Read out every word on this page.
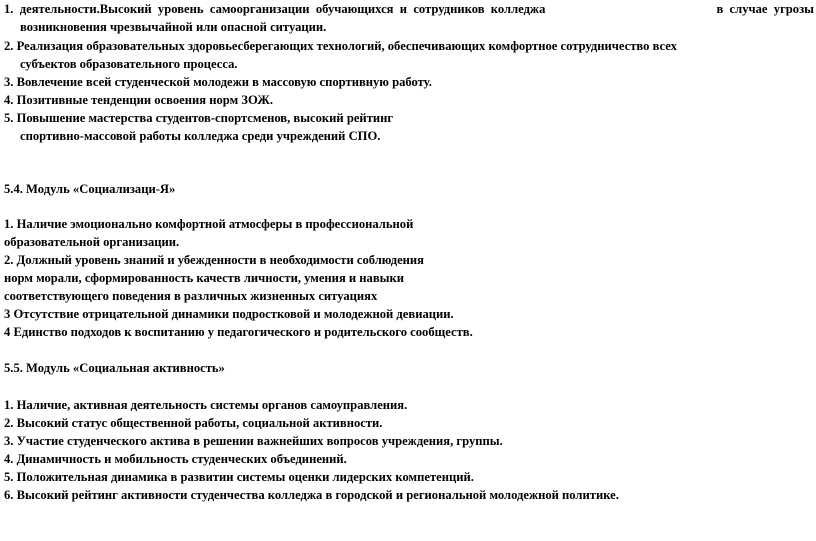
1.  деятельности.Высокий  уровень  самоорганизации  обучающихся  и  сотрудников  колледжа	в  случае  угрозы
возникновения чрезвычайной или опасной ситуации.
2. Реализация образовательных здоровьесберегающих технологий, обеспечивающих комфортное сотрудничество всех
субъектов образовательного процесса.
3. Вовлечение всей студенческой молодежи в массовую спортивную работу.
4. Позитивные тенденции освоения норм ЗОЖ.
5. Повышение мастерства студентов-спортсменов, высокий рейтинг
спортивно-массовой работы колледжа среди учреждений СПО.
5.4. Модуль «Социализаци-Я»
1. Наличие эмоционально комфортной атмосферы в профессиональной
образовательной организации.
2. Должный уровень знаний и убежденности в необходимости соблюдения
норм морали, сформированность качеств личности, умения и навыки
соответствующего поведения в различных жизненных ситуациях
3 Отсутствие отрицательной динамики подростковой и молодежной девиации.
4 Единство подходов к воспитанию у педагогического и родительского сообществ.
5.5. Модуль «Социальная активность»
1. Наличие, активная деятельность системы органов самоуправления.
2. Высокий статус общественной работы, социальной активности.
3. Участие студенческого актива в решении важнейших вопросов учреждения, группы.
4. Динамичность и мобильность студенческих объединений.
5. Положительная динамика в развитии системы оценки лидерских компетенций.
6. Высокий рейтинг активности студенчества колледжа в городской и региональной молодежной политике.
